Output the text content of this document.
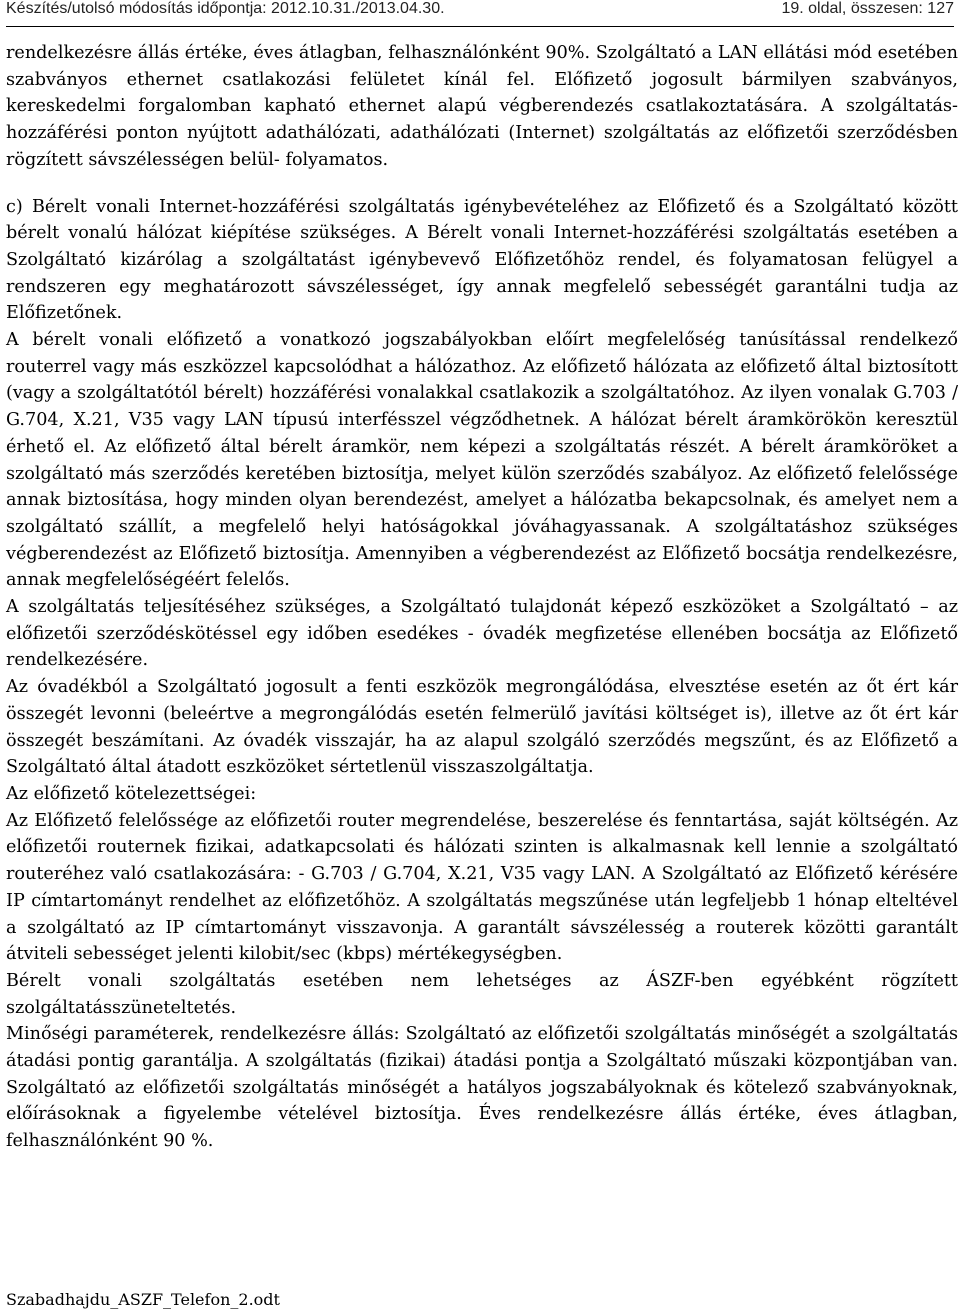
Készítés/utolsó módosítás időpontja: 2012.10.31./2013.04.30.	19. oldal, összesen: 127

rendelkezésre állás értéke, éves átlagban, felhasználónként 90%. Szolgáltató a LAN ellátási mód esetében szabványos ethernet csatlakozási felületet kínál fel. Előfizető jogosult bármilyen szabványos, kereskedelmi forgalomban kapható ethernet alapú végberendezés csatlakoztatására. A szolgáltatás-hozzáférési ponton nyújtott adathálózati, adathálózati (Internet) szolgáltatás az előfizetői szerződésben rögzített sávszélességen belül- folyamatos.

c) Bérelt vonali Internet-hozzáférési szolgáltatás igénybevételéhez az Előfizető és a Szolgáltató között bérelt vonalú hálózat kiépítése szükséges. A Bérelt vonali Internet-hozzáférési szolgáltatás esetében a Szolgáltató kizárólag a szolgáltatást igénybevevő Előfizetőhöz rendel, és folyamatosan felügyel a rendszeren egy meghatározott sávszélességet, így annak megfelelő sebességét garantálni tudja az Előfizetőnek.

A bérelt vonali előfizető a vonatkozó jogszabályokban előírt megfelelőség tanúsítással rendelkező routerrel vagy más eszközzel kapcsolódhat a hálózathoz. Az előfizető hálózata az előfizető által biztosított (vagy a szolgáltatótól bérelt) hozzáférési vonalakkal csatlakozik a szolgáltatóhoz. Az ilyen vonalak G.703 / G.704, X.21, V35 vagy LAN típusú interfésszel végződhetnek. A hálózat bérelt áramkörökön keresztül érhető el. Az előfizető által bérelt áramkör, nem képezi a szolgáltatás részét. A bérelt áramköröket a szolgáltató más szerződés keretében biztosítja, melyet külön szerződés szabályoz. Az előfizető felelőssége annak biztosítása, hogy minden olyan berendezést, amelyet a hálózatba bekapcsolnak, és amelyet nem a szolgáltató szállít, a megfelelő helyi hatóságokkal jóváhagyassanak. A szolgáltatáshoz szükséges végberendezést az Előfizető biztosítja. Amennyiben a végberendezést az Előfizető bocsátja rendelkezésre, annak megfelelőségéért felelős.

A szolgáltatás teljesítéséhez szükséges, a Szolgáltató tulajdonát képező eszközöket a Szolgáltató – az előfizetői szerződéskötéssel egy időben esedékes - óvadék megfizetése ellenében bocsátja az Előfizető rendelkezésére.

Az óvadékból a Szolgáltató jogosult a fenti eszközök megrongálódása, elvesztése esetén az őt ért kár összegét levonni (beleértve a megrongálódás esetén felmerülő javítási költséget is), illetve az őt ért kár összegét beszámítani. Az óvadék visszajár, ha az alapul szolgáló szerződés megszűnt, és az Előfizető a Szolgáltató által átadott eszközöket sértetlenül visszaszolgáltatja.

Az előfizető kötelezettségei:

Az Előfizető felelőssége az előfizetői router megrendelése, beszerelése és fenntartása, saját költségén. Az előfizetői routernek fizikai, adatkapcsolati és hálózati szinten is alkalmasnak kell lennie a szolgáltató routeréhez való csatlakozására: - G.703 / G.704, X.21, V35 vagy LAN. A Szolgáltató az Előfizető kérésére IP címtartományt rendelhet az előfizetőhöz. A szolgáltatás megszűnése után legfeljebb 1 hónap elteltével a szolgáltató az IP címtartományt visszavonja. A garantált sávszélesség a routerek közötti garantált átviteli sebességet jelenti kilobit/sec (kbps) mértékegységben.

Bérelt vonali szolgáltatás esetében nem lehetséges az ÁSZF-ben egyébként rögzített szolgáltatásszüneteltetés.

Minőségi paraméterek, rendelkezésre állás: Szolgáltató az előfizetői szolgáltatás minőségét a szolgáltatás átadási pontig garantálja. A szolgáltatás (fizikai) átadási pontja a Szolgáltató műszaki központjában van. Szolgáltató az előfizetői szolgáltatás minőségét a hatályos jogszabályoknak és kötelező szabványoknak, előírásoknak a figyelembe vételével biztosítja. Éves rendelkezésre állás értéke, éves átlagban, felhasználónként 90 %.

Szabadhajdu_ASZF_Telefon_2.odt
